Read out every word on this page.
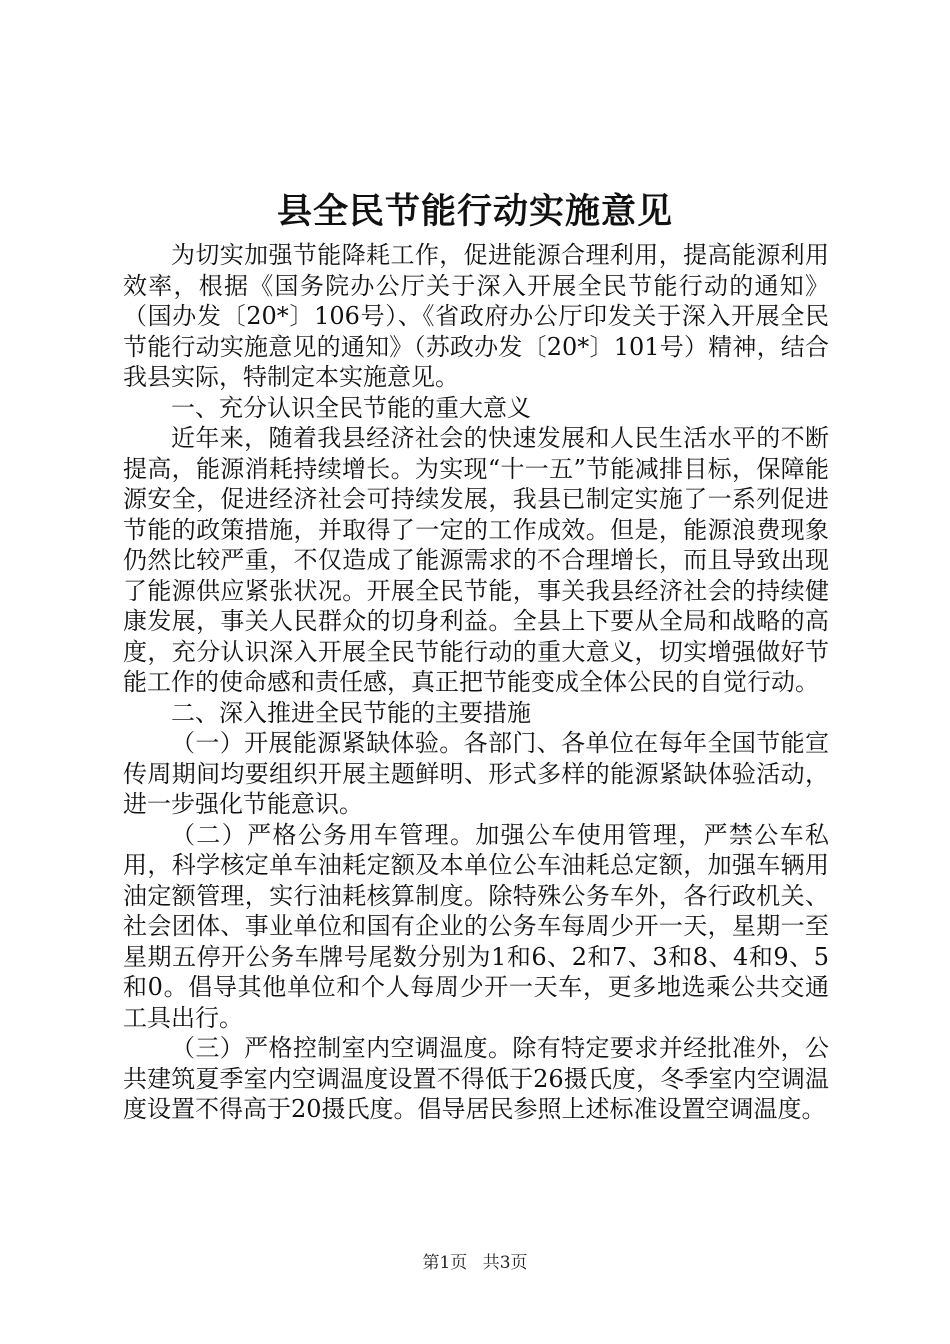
县全民节能行动实施意见

为切实加强节能降耗工作，促进能源合理利用，提高能源利用效率，根据《国务院办公厅关于深入开展全民节能行动的通知》（国办发〔20*〕106号）、《省政府办公厅印发关于深入开展全民节能行动实施意见的通知》（苏政办发〔20*〕101号）精神，结合我县实际，特制定本实施意见。

一、充分认识全民节能的重大意义

近年来，随着我县经济社会的快速发展和人民生活水平的不断提高，能源消耗持续增长。为实现“十一五”节能减排目标，保障能源安全，促进经济社会可持续发展，我县已制定实施了一系列促进节能的政策措施，并取得了一定的工作成效。但是，能源浪费现象仍然比较严重，不仅造成了能源需求的不合理增长，而且导致出现了能源供应紧张状况。开展全民节能，事关我县经济社会的持续健康发展，事关人民群众的切身利益。全县上下要从全局和战略的高度，充分认识深入开展全民节能行动的重大意义，切实增强做好节能工作的使命感和责任感，真正把节能变成全体公民的自觉行动。

二、深入推进全民节能的主要措施

（一）开展能源紧缺体验。各部门、各单位在每年全国节能宣传周期间均要组织开展主题鲜明、形式多样的能源紧缺体验活动，进一步强化节能意识。

（二）严格公务用车管理。加强公车使用管理，严禁公车私用，科学核定单车油耗定额及本单位公车油耗总定额，加强车辆用油定额管理，实行油耗核算制度。除特殊公务车外，各行政机关、社会团体、事业单位和国有企业的公务车每周少开一天，星期一至星期五停开公务车牌号尾数分别为1和6、2和7、3和8、4和9、5和0。倡导其他单位和个人每周少开一天车，更多地选乘公共交通工具出行。

（三）严格控制室内空调温度。除有特定要求并经批准外，公共建筑夏季室内空调温度设置不得低于26摄氏度，冬季室内空调温度设置不得高于20摄氏度。倡导居民参照上述标准设置空调温度。

第1页 共3页
